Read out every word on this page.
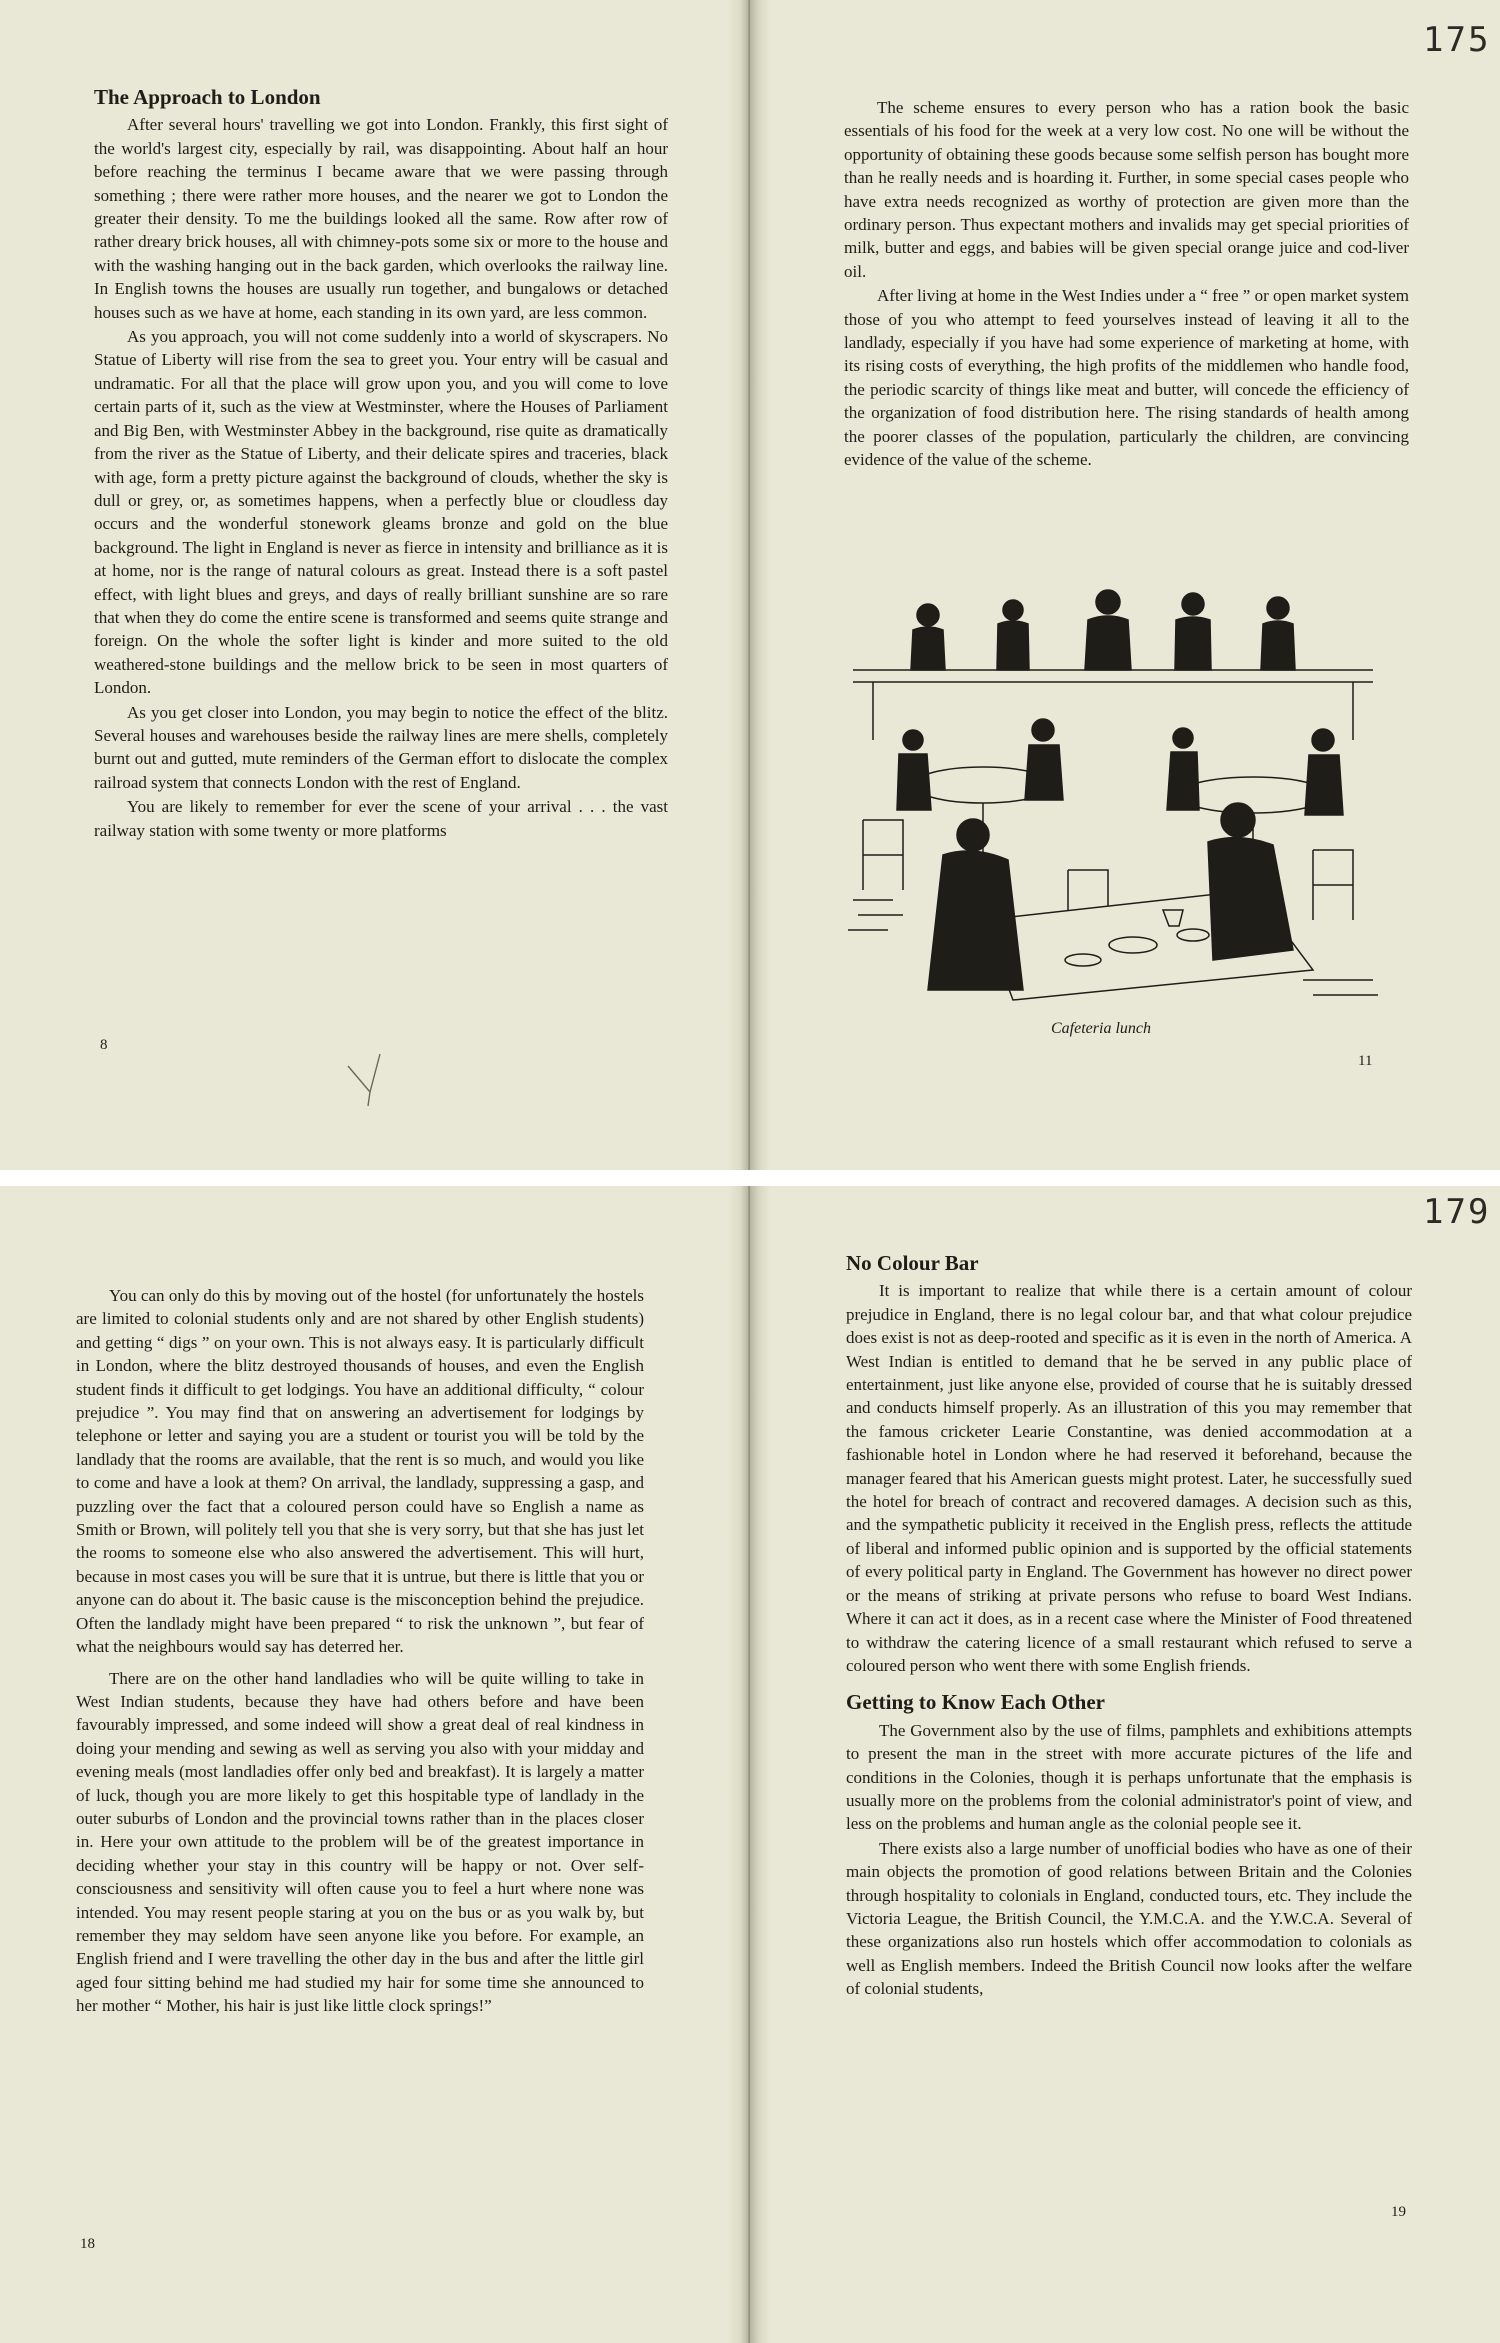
The Approach to London

After several hours' travelling we got into London. Frankly, this first sight of the world's largest city, especially by rail, was disappointing. About half an hour before reaching the terminus I became aware that we were passing through something ; there were rather more houses, and the nearer we got to London the greater their density. To me the buildings looked all the same. Row after row of rather dreary brick houses, all with chimney-pots some six or more to the house and with the washing hanging out in the back garden, which overlooks the railway line. In English towns the houses are usually run together, and bungalows or detached houses such as we have at home, each standing in its own yard, are less common.

As you approach, you will not come suddenly into a world of skyscrapers. No Statue of Liberty will rise from the sea to greet you. Your entry will be casual and undramatic. For all that the place will grow upon you, and you will come to love certain parts of it, such as the view at Westminster, where the Houses of Parliament and Big Ben, with Westminster Abbey in the background, rise quite as dramatically from the river as the Statue of Liberty, and their delicate spires and traceries, black with age, form a pretty picture against the background of clouds, whether the sky is dull or grey, or, as sometimes happens, when a perfectly blue or cloudless day occurs and the wonderful stonework gleams bronze and gold on the blue background. The light in England is never as fierce in intensity and brilliance as it is at home, nor is the range of natural colours as great. Instead there is a soft pastel effect, with light blues and greys, and days of really brilliant sunshine are so rare that when they do come the entire scene is transformed and seems quite strange and foreign. On the whole the softer light is kinder and more suited to the old weathered-stone buildings and the mellow brick to be seen in most quarters of London.

As you get closer into London, you may begin to notice the effect of the blitz. Several houses and warehouses beside the railway lines are mere shells, completely burnt out and gutted, mute reminders of the German effort to dislocate the complex railroad system that connects London with the rest of England.

You are likely to remember for ever the scene of your arrival . . . the vast railway station with some twenty or more platforms

8
175

The scheme ensures to every person who has a ration book the basic essentials of his food for the week at a very low cost. No one will be without the opportunity of obtaining these goods because some selfish person has bought more than he really needs and is hoarding it. Further, in some special cases people who have extra needs recognized as worthy of protection are given more than the ordinary person. Thus expectant mothers and invalids may get special priorities of milk, butter and eggs, and babies will be given special orange juice and cod-liver oil.

After living at home in the West Indies under a “ free ” or open market system those of you who attempt to feed yourselves instead of leaving it all to the landlady, especially if you have had some experience of marketing at home, with its rising costs of everything, the high profits of the middlemen who handle food, the periodic scarcity of things like meat and butter, will concede the efficiency of the organization of food distribution here. The rising standards of health among the poorer classes of the population, particularly the children, are convincing evidence of the value of the scheme.

Cafeteria lunch
11

You can only do this by moving out of the hostel (for unfortunately the hostels are limited to colonial students only and are not shared by other English students) and getting “ digs ” on your own. This is not always easy. It is particularly difficult in London, where the blitz destroyed thousands of houses, and even the English student finds it difficult to get lodgings. You have an additional difficulty, “ colour prejudice ”. You may find that on answering an advertisement for lodgings by telephone or letter and saying you are a student or tourist you will be told by the landlady that the rooms are available, that the rent is so much, and would you like to come and have a look at them? On arrival, the landlady, suppressing a gasp, and puzzling over the fact that a coloured person could have so English a name as Smith or Brown, will politely tell you that she is very sorry, but that she has just let the rooms to someone else who also answered the advertisement. This will hurt, because in most cases you will be sure that it is untrue, but there is little that you or anyone can do about it. The basic cause is the misconception behind the prejudice. Often the landlady might have been prepared “ to risk the unknown ”, but fear of what the neighbours would say has deterred her.

There are on the other hand landladies who will be quite willing to take in West Indian students, because they have had others before and have been favourably impressed, and some indeed will show a great deal of real kindness in doing your mending and sewing as well as serving you also with your midday and evening meals (most landladies offer only bed and breakfast). It is largely a matter of luck, though you are more likely to get this hospitable type of landlady in the outer suburbs of London and the provincial towns rather than in the places closer in. Here your own attitude to the problem will be of the greatest importance in deciding whether your stay in this country will be happy or not. Over self-consciousness and sensitivity will often cause you to feel a hurt where none was intended. You may resent people staring at you on the bus or as you walk by, but remember they may seldom have seen anyone like you before. For example, an English friend and I were travelling the other day in the bus and after the little girl aged four sitting behind me had studied my hair for some time she announced to her mother “ Mother, his hair is just like little clock springs!”

18
179
No Colour Bar

It is important to realize that while there is a certain amount of colour prejudice in England, there is no legal colour bar, and that what colour prejudice does exist is not as deep-rooted and specific as it is even in the north of America. A West Indian is entitled to demand that he be served in any public place of entertainment, just like anyone else, provided of course that he is suitably dressed and conducts himself properly. As an illustration of this you may remember that the famous cricketer Learie Constantine, was denied accommodation at a fashionable hotel in London where he had reserved it beforehand, because the manager feared that his American guests might protest. Later, he successfully sued the hotel for breach of contract and recovered damages. A decision such as this, and the sympathetic publicity it received in the English press, reflects the attitude of liberal and informed public opinion and is supported by the official statements of every political party in England. The Government has however no direct power or the means of striking at private persons who refuse to board West Indians. Where it can act it does, as in a recent case where the Minister of Food threatened to withdraw the catering licence of a small restaurant which refused to serve a coloured person who went there with some English friends.

Getting to Know Each Other

The Government also by the use of films, pamphlets and exhibitions attempts to present the man in the street with more accurate pictures of the life and conditions in the Colonies, though it is perhaps unfortunate that the emphasis is usually more on the problems from the colonial administrator's point of view, and less on the problems and human angle as the colonial people see it.

There exists also a large number of unofficial bodies who have as one of their main objects the promotion of good relations between Britain and the Colonies through hospitality to colonials in England, conducted tours, etc. They include the Victoria League, the British Council, the Y.M.C.A. and the Y.W.C.A. Several of these organizations also run hostels which offer accommodation to colonials as well as English members. Indeed the British Council now looks after the welfare of colonial students,

19
